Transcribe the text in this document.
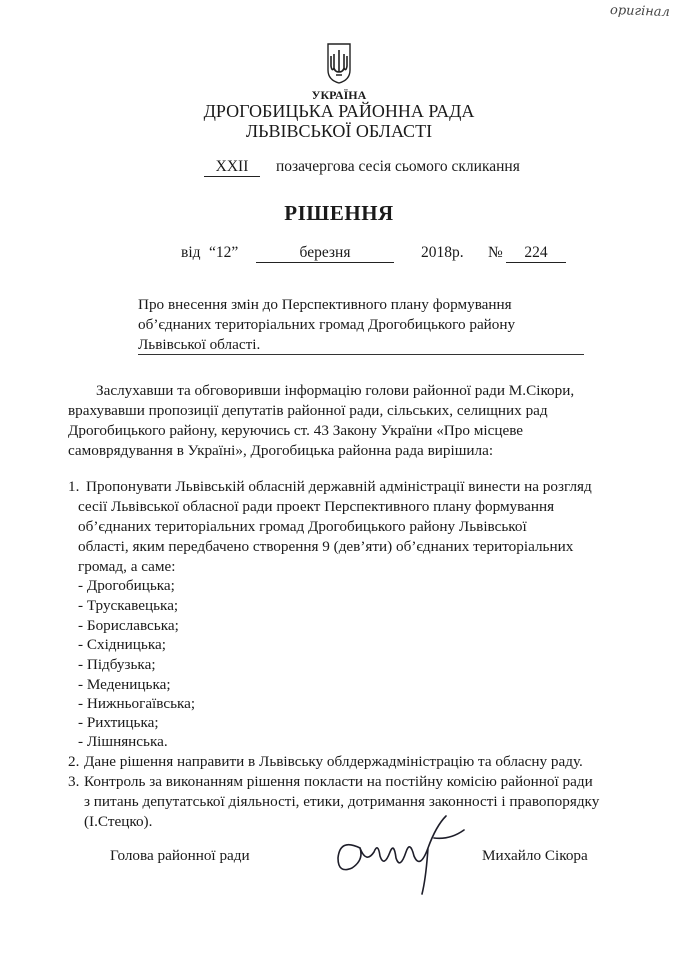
оригінал
УКРАЇНА
ДРОГОБИЦЬКА РАЙОННА РАДА
ЛЬВІВСЬКОЇ ОБЛАСТІ
XXII	позачергова сесія сьомого скликання
РІШЕННЯ
від “12”	березня	2018р. №	224
Про внесення змін до Перспективного плану формування
об’єднаних територіальних громад Дрогобицького району
Львівської області.
Заслухавши та обговоривши інформацію голови районної ради М.Сікори,
врахувавши пропозиції депутатів районної ради, сільських, селищних рад
Дрогобицького району, керуючись ст. 43 Закону України «Про місцеве
самоврядування в Україні», Дрогобицька районна рада вирішила:
1. Пропонувати Львівській обласній державній адміністрації винести на розгляд
сесії Львівської обласної ради проект Перспективного плану формування
об’єднаних територіальних громад Дрогобицького району Львівської
області, яким передбачено створення 9 (дев’яти) об’єднаних територіальних
громад, а саме:
- Дрогобицька;
- Трускавецька;
- Бориславська;
- Східницька;
- Підбузька;
- Меденицька;
- Нижньогаївська;
- Рихтицька;
- Лішнянська.
2. Дане рішення направити в Львівську облдержадміністрацію та обласну раду.
3. Контроль за виконанням рішення покласти на постійну комісію районної ради
з питань депутатської діяльності, етики, дотримання законності і правопорядку
(І.Стецко).
Голова районної ради	Михайло Сікора
